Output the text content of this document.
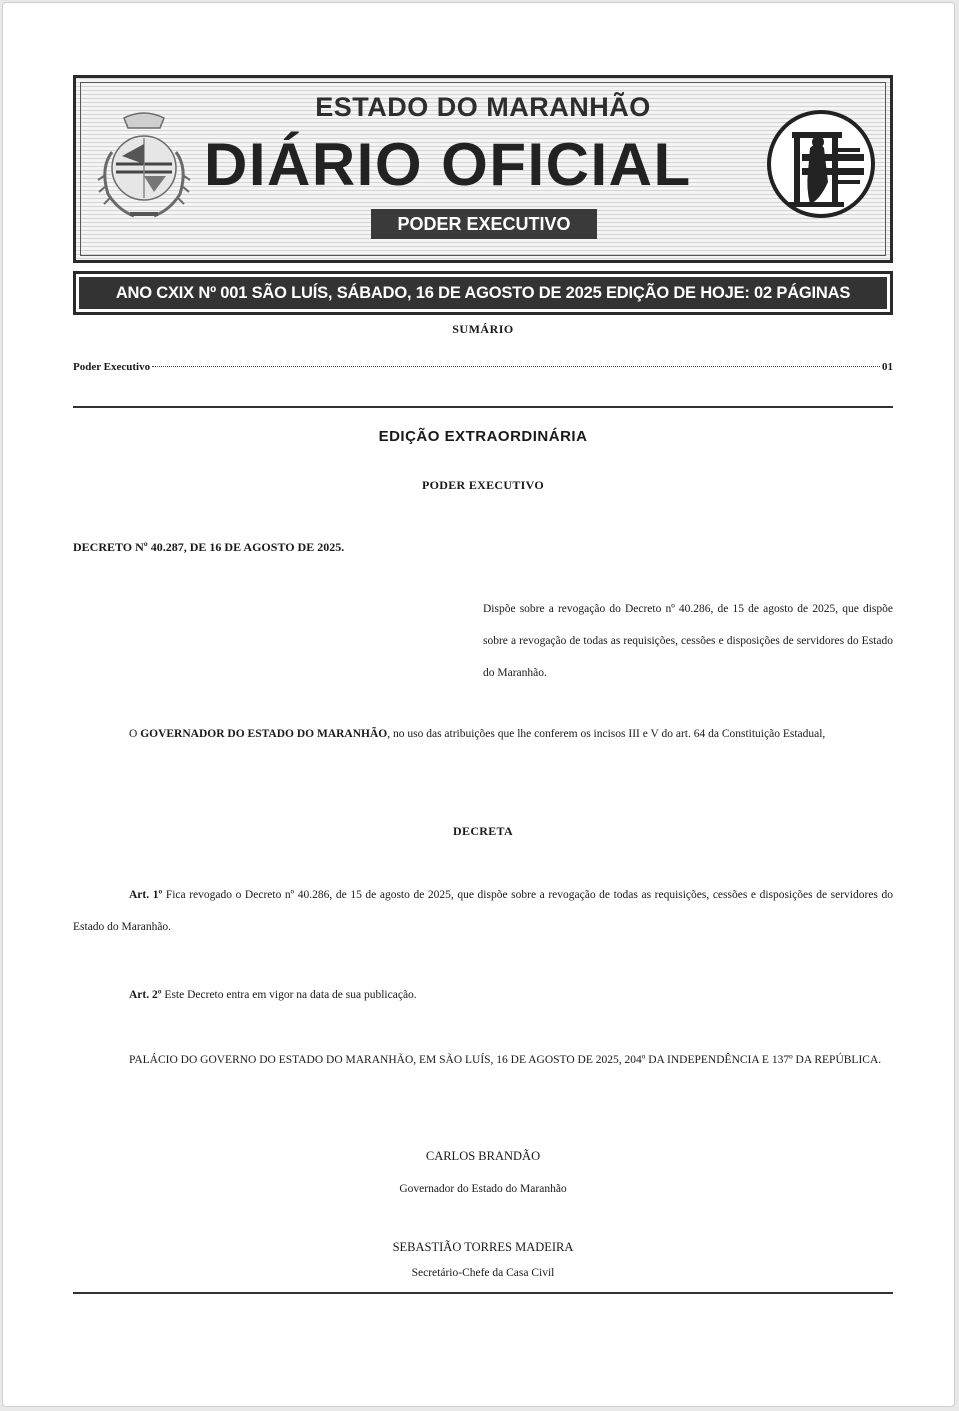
ESTADO DO MARANHÃO
DIÁRIO OFICIAL
PODER EXECUTIVO
ANO CXIX Nº 001 SÃO LUÍS, SÁBADO, 16 DE AGOSTO DE 2025 EDIÇÃO DE HOJE: 02 PÁGINAS
SUMÁRIO
Poder Executivo	01
EDIÇÃO EXTRAORDINÁRIA
PODER EXECUTIVO
DECRETO Nº 40.287, DE 16 DE AGOSTO DE 2025.
Dispõe sobre a revogação do Decreto nº 40.286, de 15 de agosto de 2025, que dispõe sobre a revogação de todas as requisições, cessões e disposições de servidores do Estado do Maranhão.
O GOVERNADOR DO ESTADO DO MARANHÃO, no uso das atribuições que lhe conferem os incisos III e V do art. 64 da Constituição Estadual,
DECRETA
Art. 1º Fica revogado o Decreto nº 40.286, de 15 de agosto de 2025, que dispõe sobre a revogação de todas as requisições, cessões e disposições de servidores do Estado do Maranhão.
Art. 2º Este Decreto entra em vigor na data de sua publicação.
PALÁCIO DO GOVERNO DO ESTADO DO MARANHÃO, EM SÃO LUÍS, 16 DE AGOSTO DE 2025, 204º DA INDEPENDÊNCIA E 137º DA REPÚBLICA.
CARLOS BRANDÃO
Governador do Estado do Maranhão
SEBASTIÃO TORRES MADEIRA
Secretário-Chefe da Casa Civil
